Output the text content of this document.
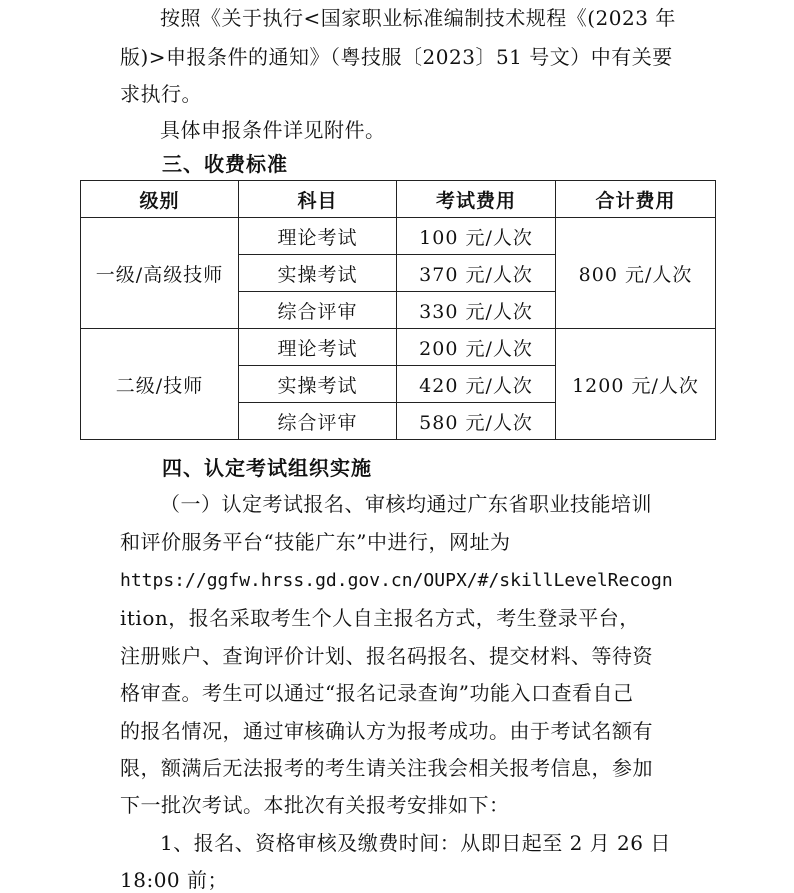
按照《关于执行<国家职业标准编制技术规程《(2023 年
版)>申报条件的通知》（粤技服〔2023〕51 号文）中有关要
求执行。
具体申报条件详见附件。
三、收费标准
级别	科目	考试费用	合计费用
一级/高级技师	理论考试	100 元/人次	800 元/人次
	实操考试	370 元/人次	
	综合评审	330 元/人次	
二级/技师	理论考试	200 元/人次	1200 元/人次
	实操考试	420 元/人次	
	综合评审	580 元/人次	
四、认定考试组织实施
（一）认定考试报名、审核均通过广东省职业技能培训
和评价服务平台“技能广东”中进行，网址为
https://ggfw.hrss.gd.gov.cn/OUPX/#/skillLevelRecogn
ition，报名采取考生个人自主报名方式，考生登录平台，
注册账户、查询评价计划、报名码报名、提交材料、等待资
格审查。考生可以通过“报名记录查询”功能入口查看自己
的报名情况，通过审核确认方为报考成功。由于考试名额有
限，额满后无法报考的考生请关注我会相关报考信息，参加
下一批次考试。本批次有关报考安排如下：
1、报名、资格审核及缴费时间：从即日起至 2 月 26 日
18:00 前；
